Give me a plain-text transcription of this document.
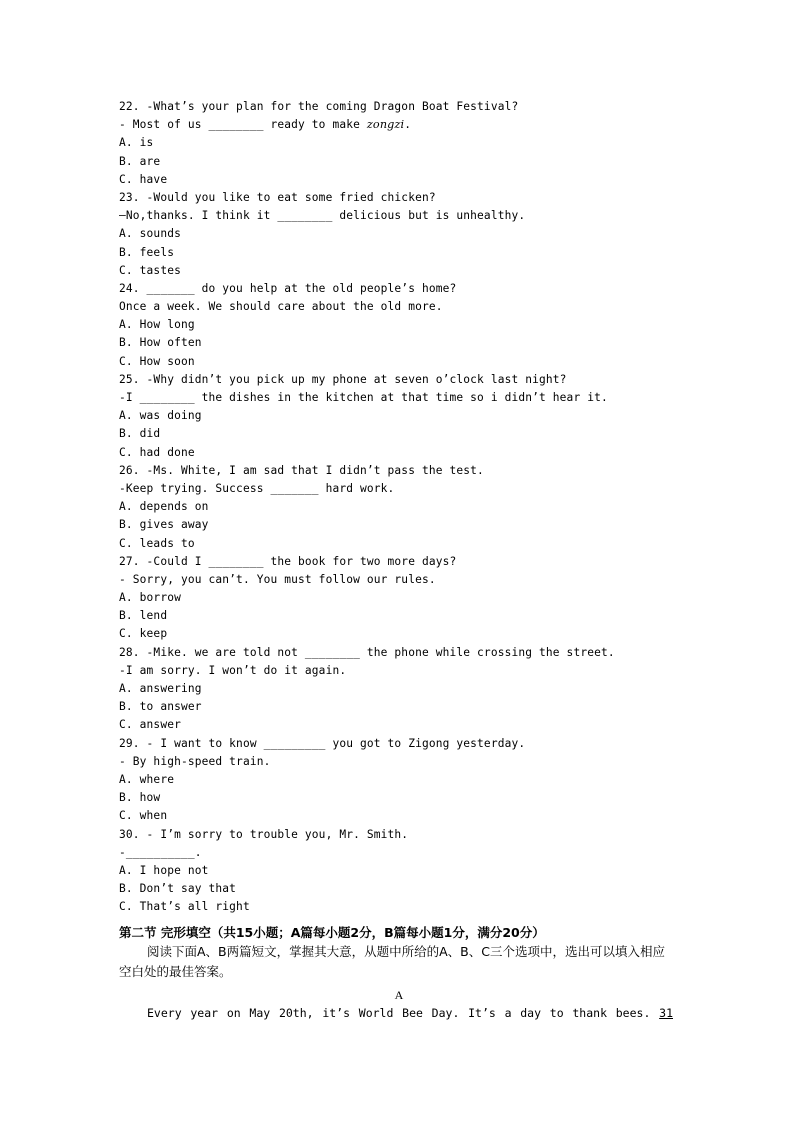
22. -What’s your plan for the coming Dragon Boat Festival?
- Most of us ________ ready to make zongzi.
A. is
B. are
C. have
23. -Would you like to eat some fried chicken?
—No,thanks. I think it ________ delicious but is unhealthy.
A. sounds
B. feels
C. tastes
24. _______ do you help at the old people’s home?
Once a week. We should care about the old more.
A. How long
B. How often
C. How soon
25. -Why didn’t you pick up my phone at seven o’clock last night?
-I ________ the dishes in the kitchen at that time so i didn’t hear it.
A. was doing
B. did
C. had done
26. -Ms. White, I am sad that I didn’t pass the test.
-Keep trying. Success _______ hard work.
A. depends on
B. gives away
C. leads to
27. -Could I ________ the book for two more days?
- Sorry, you can’t. You must follow our rules.
A. borrow
B. lend
C. keep
28. -Mike. we are told not ________ the phone while crossing the street.
-I am sorry. I won’t do it again.
A. answering
B. to answer
C. answer
29. - I want to know _________ you got to Zigong yesterday.
- By high-speed train.
A. where
B. how
C. when
30. - I’m sorry to trouble you, Mr. Smith.
-__________.
A. I hope not
B. Don’t say that
C. That’s all right
第二节 完形填空（共15小题；A篇每小题2分，B篇每小题1分，满分20分）
阅读下面A、B两篇短文，掌握其大意，从题中所给的A、B、C三个选项中，选出可以填入相应空白处的最佳答案。
A
Every year on May 20th, it’s World Bee Day. It’s a day to thank bees. 31
